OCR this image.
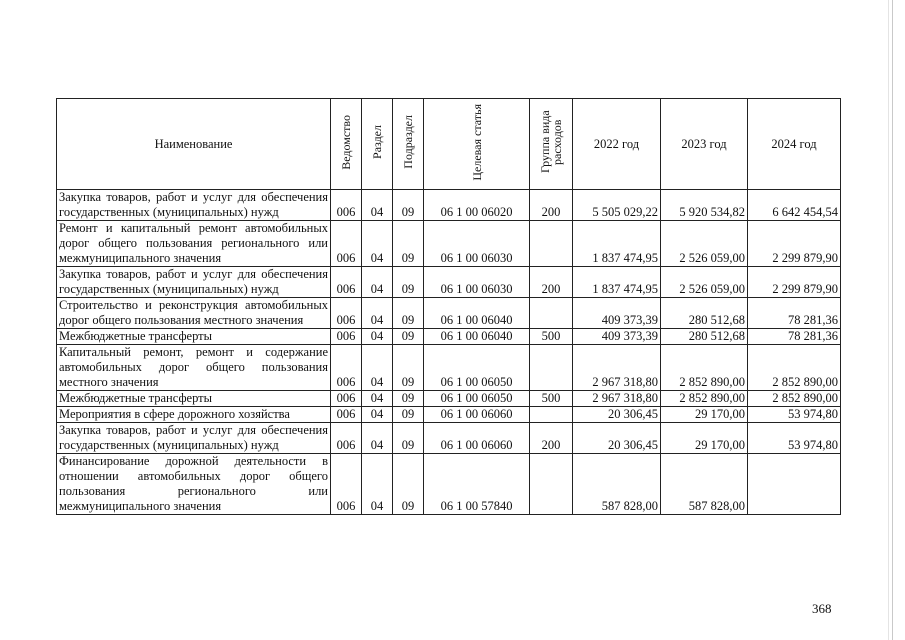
Наименование	Ведомство	Раздел	Подраздел	Целевая статья	Группа вида расходов	2022 год	2023 год	2024 год
Закупка товаров, работ и услуг для обеспечения государственных (муниципальных) нужд	006	04	09	06 1 00 06020	200	5 505 029,22	5 920 534,82	6 642 454,54
Ремонт и капитальный ремонт автомобильных дорог общего пользования регионального или межмуниципального значения	006	04	09	06 1 00 06030		1 837 474,95	2 526 059,00	2 299 879,90
Закупка товаров, работ и услуг для обеспечения государственных (муниципальных) нужд	006	04	09	06 1 00 06030	200	1 837 474,95	2 526 059,00	2 299 879,90
Строительство и реконструкция автомобильных дорог общего пользования местного значения	006	04	09	06 1 00 06040		409 373,39	280 512,68	78 281,36
Межбюджетные трансферты	006	04	09	06 1 00 06040	500	409 373,39	280 512,68	78 281,36
Капитальный ремонт, ремонт и содержание автомобильных дорог общего пользования местного значения	006	04	09	06 1 00 06050		2 967 318,80	2 852 890,00	2 852 890,00
Межбюджетные трансферты	006	04	09	06 1 00 06050	500	2 967 318,80	2 852 890,00	2 852 890,00
Мероприятия в сфере дорожного хозяйства	006	04	09	06 1 00 06060		20 306,45	29 170,00	53 974,80
Закупка товаров, работ и услуг для обеспечения государственных (муниципальных) нужд	006	04	09	06 1 00 06060	200	20 306,45	29 170,00	53 974,80
Финансирование дорожной деятельности в отношении автомобильных дорог общего пользования регионального или межмуниципального значения	006	04	09	06 1 00 57840		587 828,00	587 828,00	
368
